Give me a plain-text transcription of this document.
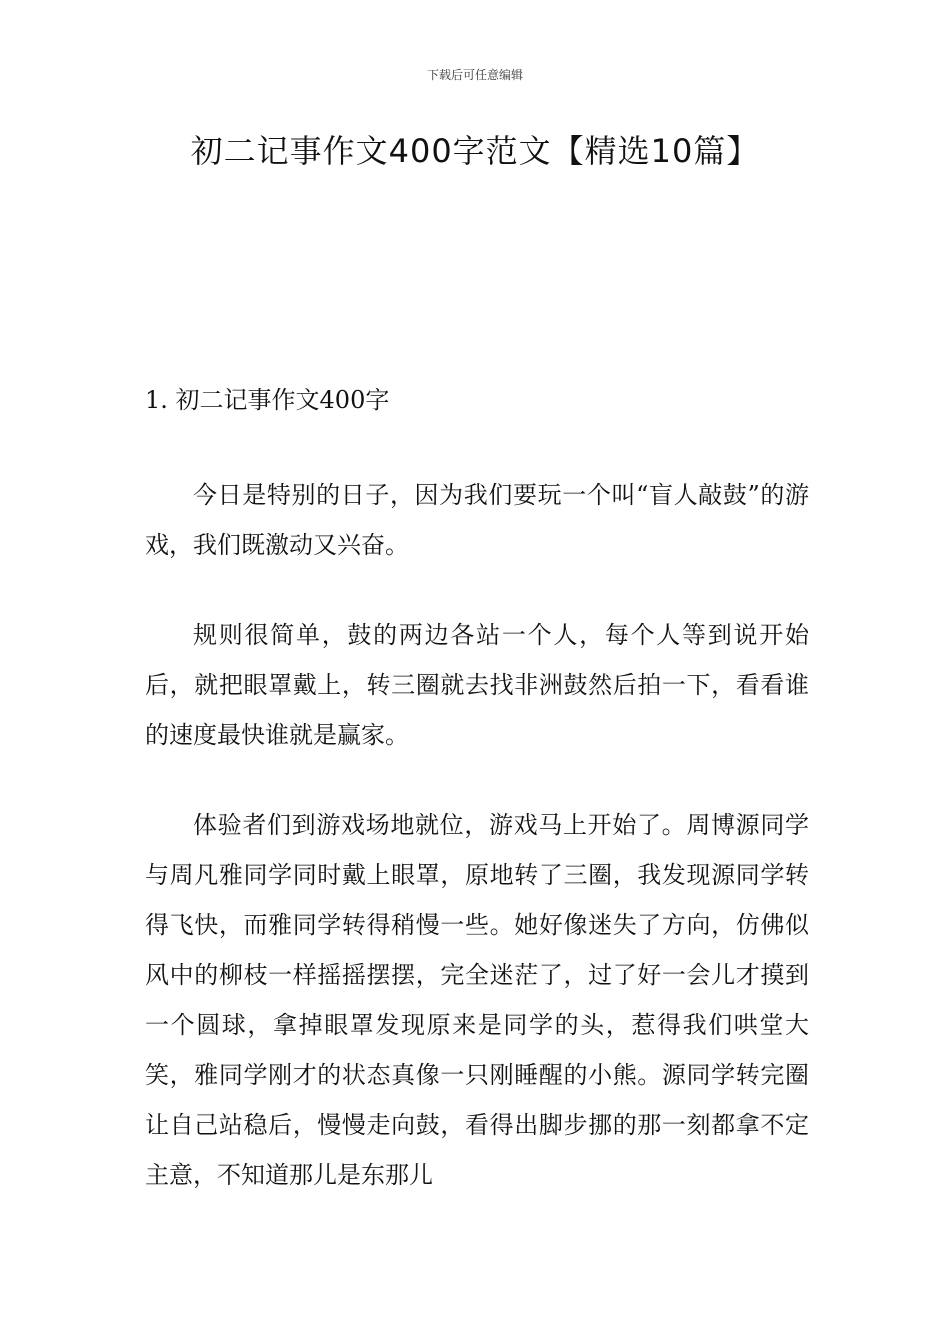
下载后可任意编辑
初二记事作文400字范文【精选10篇】
1. 初二记事作文400字

今日是特别的日子，因为我们要玩一个叫“盲人敲鼓”的游戏，我们既激动又兴奋。

规则很简单，鼓的两边各站一个人，每个人等到说开始后，就把眼罩戴上，转三圈就去找非洲鼓然后拍一下，看看谁的速度最快谁就是赢家。

体验者们到游戏场地就位，游戏马上开始了。周博源同学与周凡雅同学同时戴上眼罩，原地转了三圈，我发现源同学转得飞快，而雅同学转得稍慢一些。她好像迷失了方向，仿佛似风中的柳枝一样摇摇摆摆，完全迷茫了，过了好一会儿才摸到一个圆球，拿掉眼罩发现原来是同学的头，惹得我们哄堂大笑，雅同学刚才的状态真像一只刚睡醒的小熊。源同学转完圈让自己站稳后，慢慢走向鼓，看得出脚步挪的那一刻都拿不定主意，不知道那儿是东那儿
